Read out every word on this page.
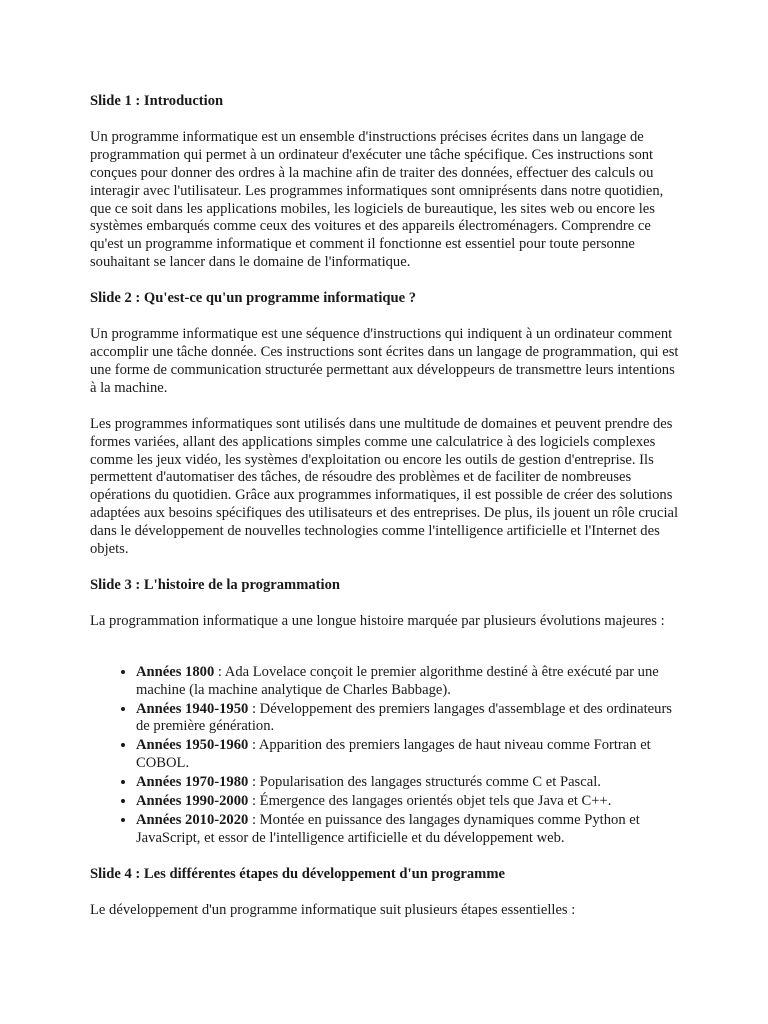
Slide 1 : Introduction

Un programme informatique est un ensemble d'instructions précises écrites dans un langage de programmation qui permet à un ordinateur d'exécuter une tâche spécifique. Ces instructions sont conçues pour donner des ordres à la machine afin de traiter des données, effectuer des calculs ou interagir avec l'utilisateur. Les programmes informatiques sont omniprésents dans notre quotidien, que ce soit dans les applications mobiles, les logiciels de bureautique, les sites web ou encore les systèmes embarqués comme ceux des voitures et des appareils électroménagers. Comprendre ce qu'est un programme informatique et comment il fonctionne est essentiel pour toute personne souhaitant se lancer dans le domaine de l'informatique.

Slide 2 : Qu'est-ce qu'un programme informatique ?

Un programme informatique est une séquence d'instructions qui indiquent à un ordinateur comment accomplir une tâche donnée. Ces instructions sont écrites dans un langage de programmation, qui est une forme de communication structurée permettant aux développeurs de transmettre leurs intentions à la machine.

Les programmes informatiques sont utilisés dans une multitude de domaines et peuvent prendre des formes variées, allant des applications simples comme une calculatrice à des logiciels complexes comme les jeux vidéo, les systèmes d'exploitation ou encore les outils de gestion d'entreprise. Ils permettent d'automatiser des tâches, de résoudre des problèmes et de faciliter de nombreuses opérations du quotidien. Grâce aux programmes informatiques, il est possible de créer des solutions adaptées aux besoins spécifiques des utilisateurs et des entreprises. De plus, ils jouent un rôle crucial dans le développement de nouvelles technologies comme l'intelligence artificielle et l'Internet des objets.

Slide 3 : L'histoire de la programmation

La programmation informatique a une longue histoire marquée par plusieurs évolutions majeures :

• Années 1800 : Ada Lovelace conçoit le premier algorithme destiné à être exécuté par une machine (la machine analytique de Charles Babbage).
• Années 1940-1950 : Développement des premiers langages d'assemblage et des ordinateurs de première génération.
• Années 1950-1960 : Apparition des premiers langages de haut niveau comme Fortran et COBOL.
• Années 1970-1980 : Popularisation des langages structurés comme C et Pascal.
• Années 1990-2000 : Émergence des langages orientés objet tels que Java et C++.
• Années 2010-2020 : Montée en puissance des langages dynamiques comme Python et JavaScript, et essor de l'intelligence artificielle et du développement web.
Slide 4 : Les différentes étapes du développement d'un programme

Le développement d'un programme informatique suit plusieurs étapes essentielles :
